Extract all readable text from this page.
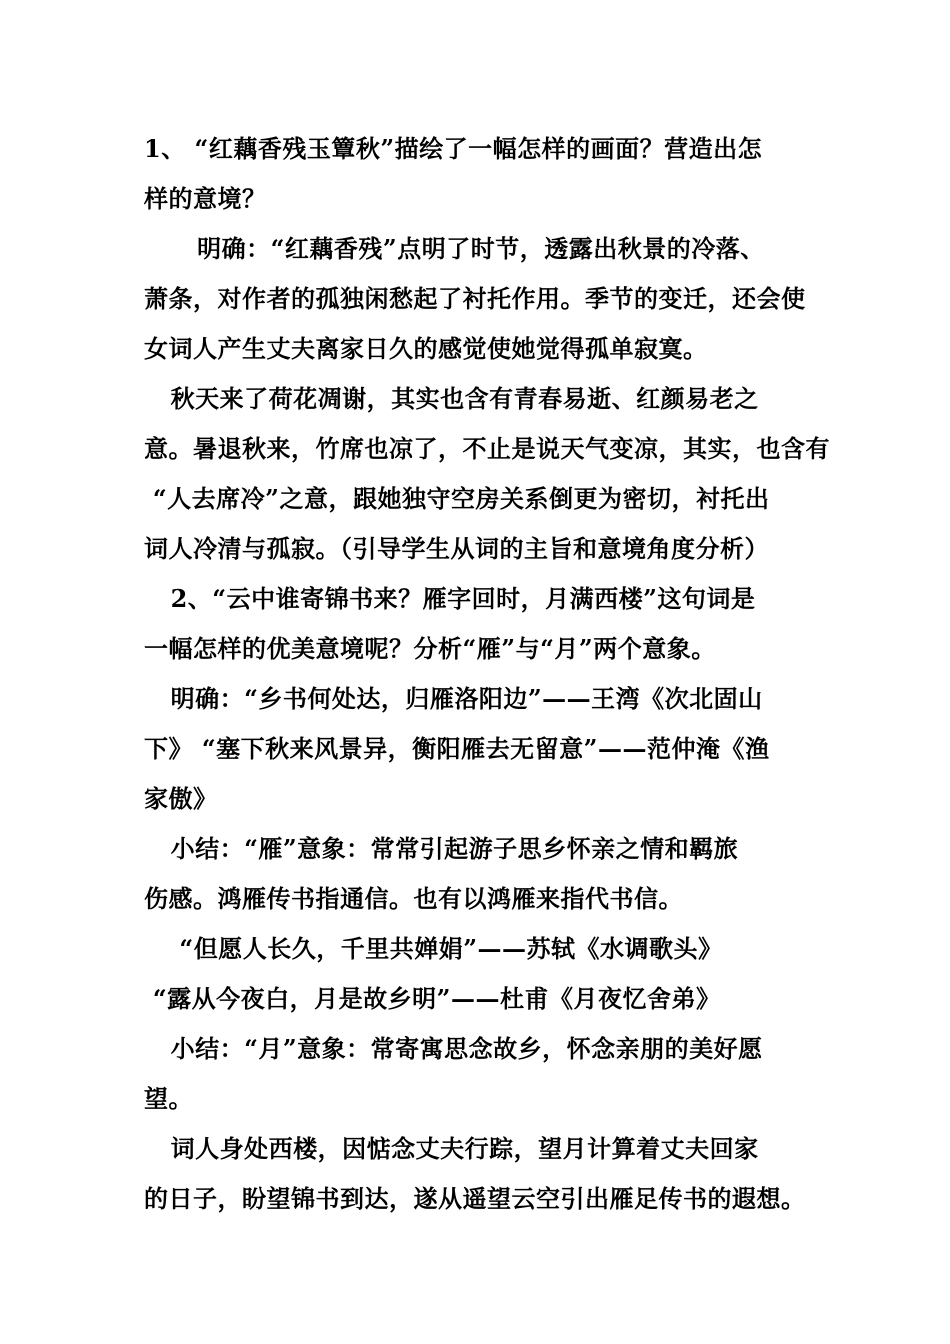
1、 “红藕香残玉簟秋”描绘了一幅怎样的画面？营造出怎
样的意境？

明确：“红藕香残”点明了时节，透露出秋景的冷落、
萧条，对作者的孤独闲愁起了衬托作用。季节的变迁，还会使
女词人产生丈夫离家日久的感觉使她觉得孤单寂寞。

秋天来了荷花凋谢，其实也含有青春易逝、红颜易老之
意。暑退秋来，竹席也凉了，不止是说天气变凉，其实，也含有
“人去席冷”之意，跟她独守空房关系倒更为密切，衬托出
词人冷清与孤寂。（引导学生从词的主旨和意境角度分析）

2、“云中谁寄锦书来？雁字回时，月满西楼”这句词是
一幅怎样的优美意境呢？分析“雁”与“月”两个意象。

明确：“乡书何处达，归雁洛阳边”——王湾《次北固山
下》 “塞下秋来风景异，衡阳雁去无留意”——范仲淹《渔
家傲》

小结：“雁”意象：常常引起游子思乡怀亲之情和羁旅
伤感。鸿雁传书指通信。也有以鸿雁来指代书信。

“但愿人长久，千里共婵娟”——苏轼《水调歌头》
“露从今夜白，月是故乡明”——杜甫《月夜忆舍弟》

小结：“月”意象：常寄寓思念故乡，怀念亲朋的美好愿
望。

词人身处西楼，因惦念丈夫行踪，望月计算着丈夫回家
的日子，盼望锦书到达，遂从遥望云空引出雁足传书的遐想。
